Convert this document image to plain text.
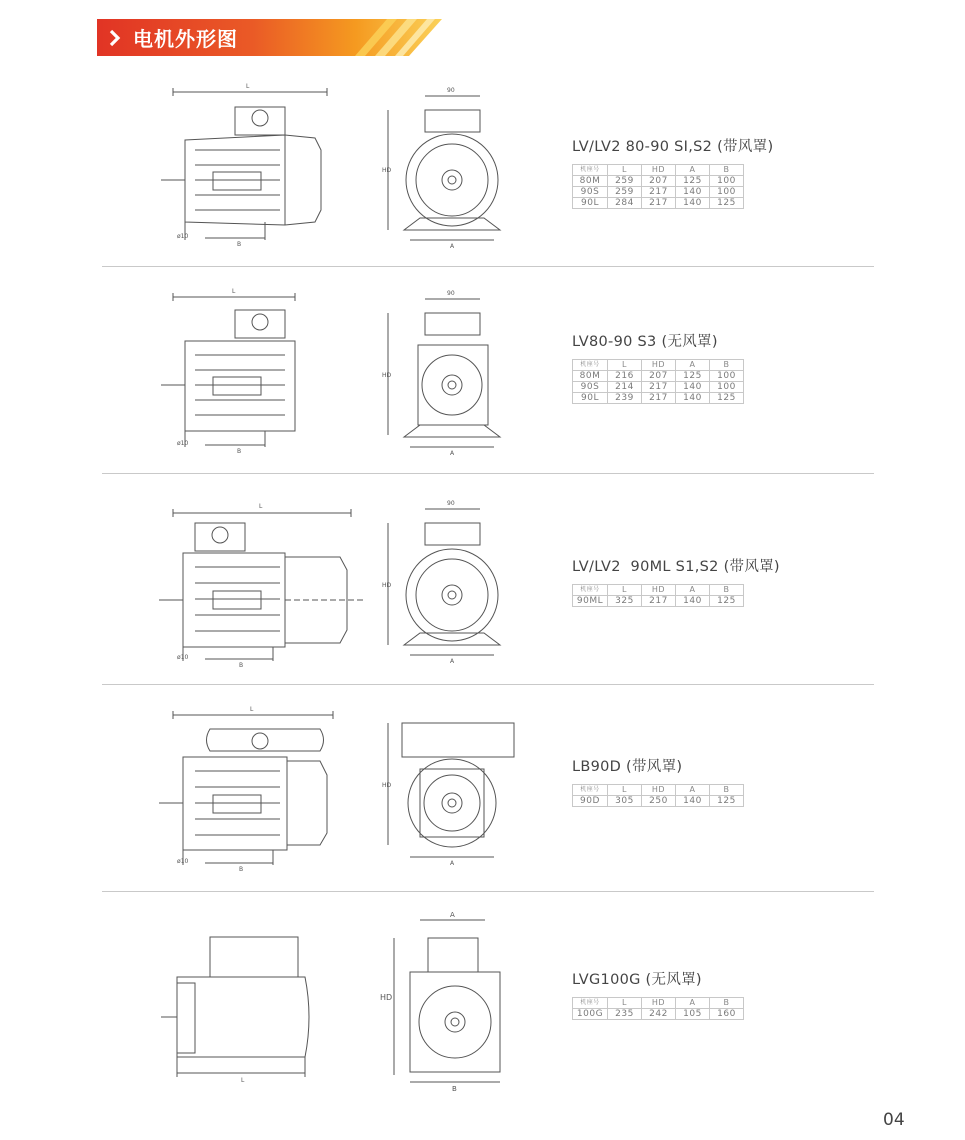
电机外形图
L
B
ø10
90
HD
A
LV/LV2 80-90 SI,S2 (带风罩)
机座号	L	HD	A	B
80M	259	207	125	100
90S	259	217	140	100
90L	284	217	140	125
L
B
ø10
90
HD
A
LV80-90 S3 (无风罩)
机座号	L	HD	A	B
80M	216	207	125	100
90S	214	217	140	100
90L	239	217	140	125
L
B
ø10
90
HD
A
LV/LV2  90ML S1,S2 (带风罩)
机座号	L	HD	A	B
90ML	325	217	140	125
L
B
ø10
HD
A
LB90D (带风罩)
机座号	L	HD	A	B
90D	305	250	140	125
L
A
HD
B
LVG100G (无风罩)
机座号	L	HD	A	B
100G	235	242	105	160
04
